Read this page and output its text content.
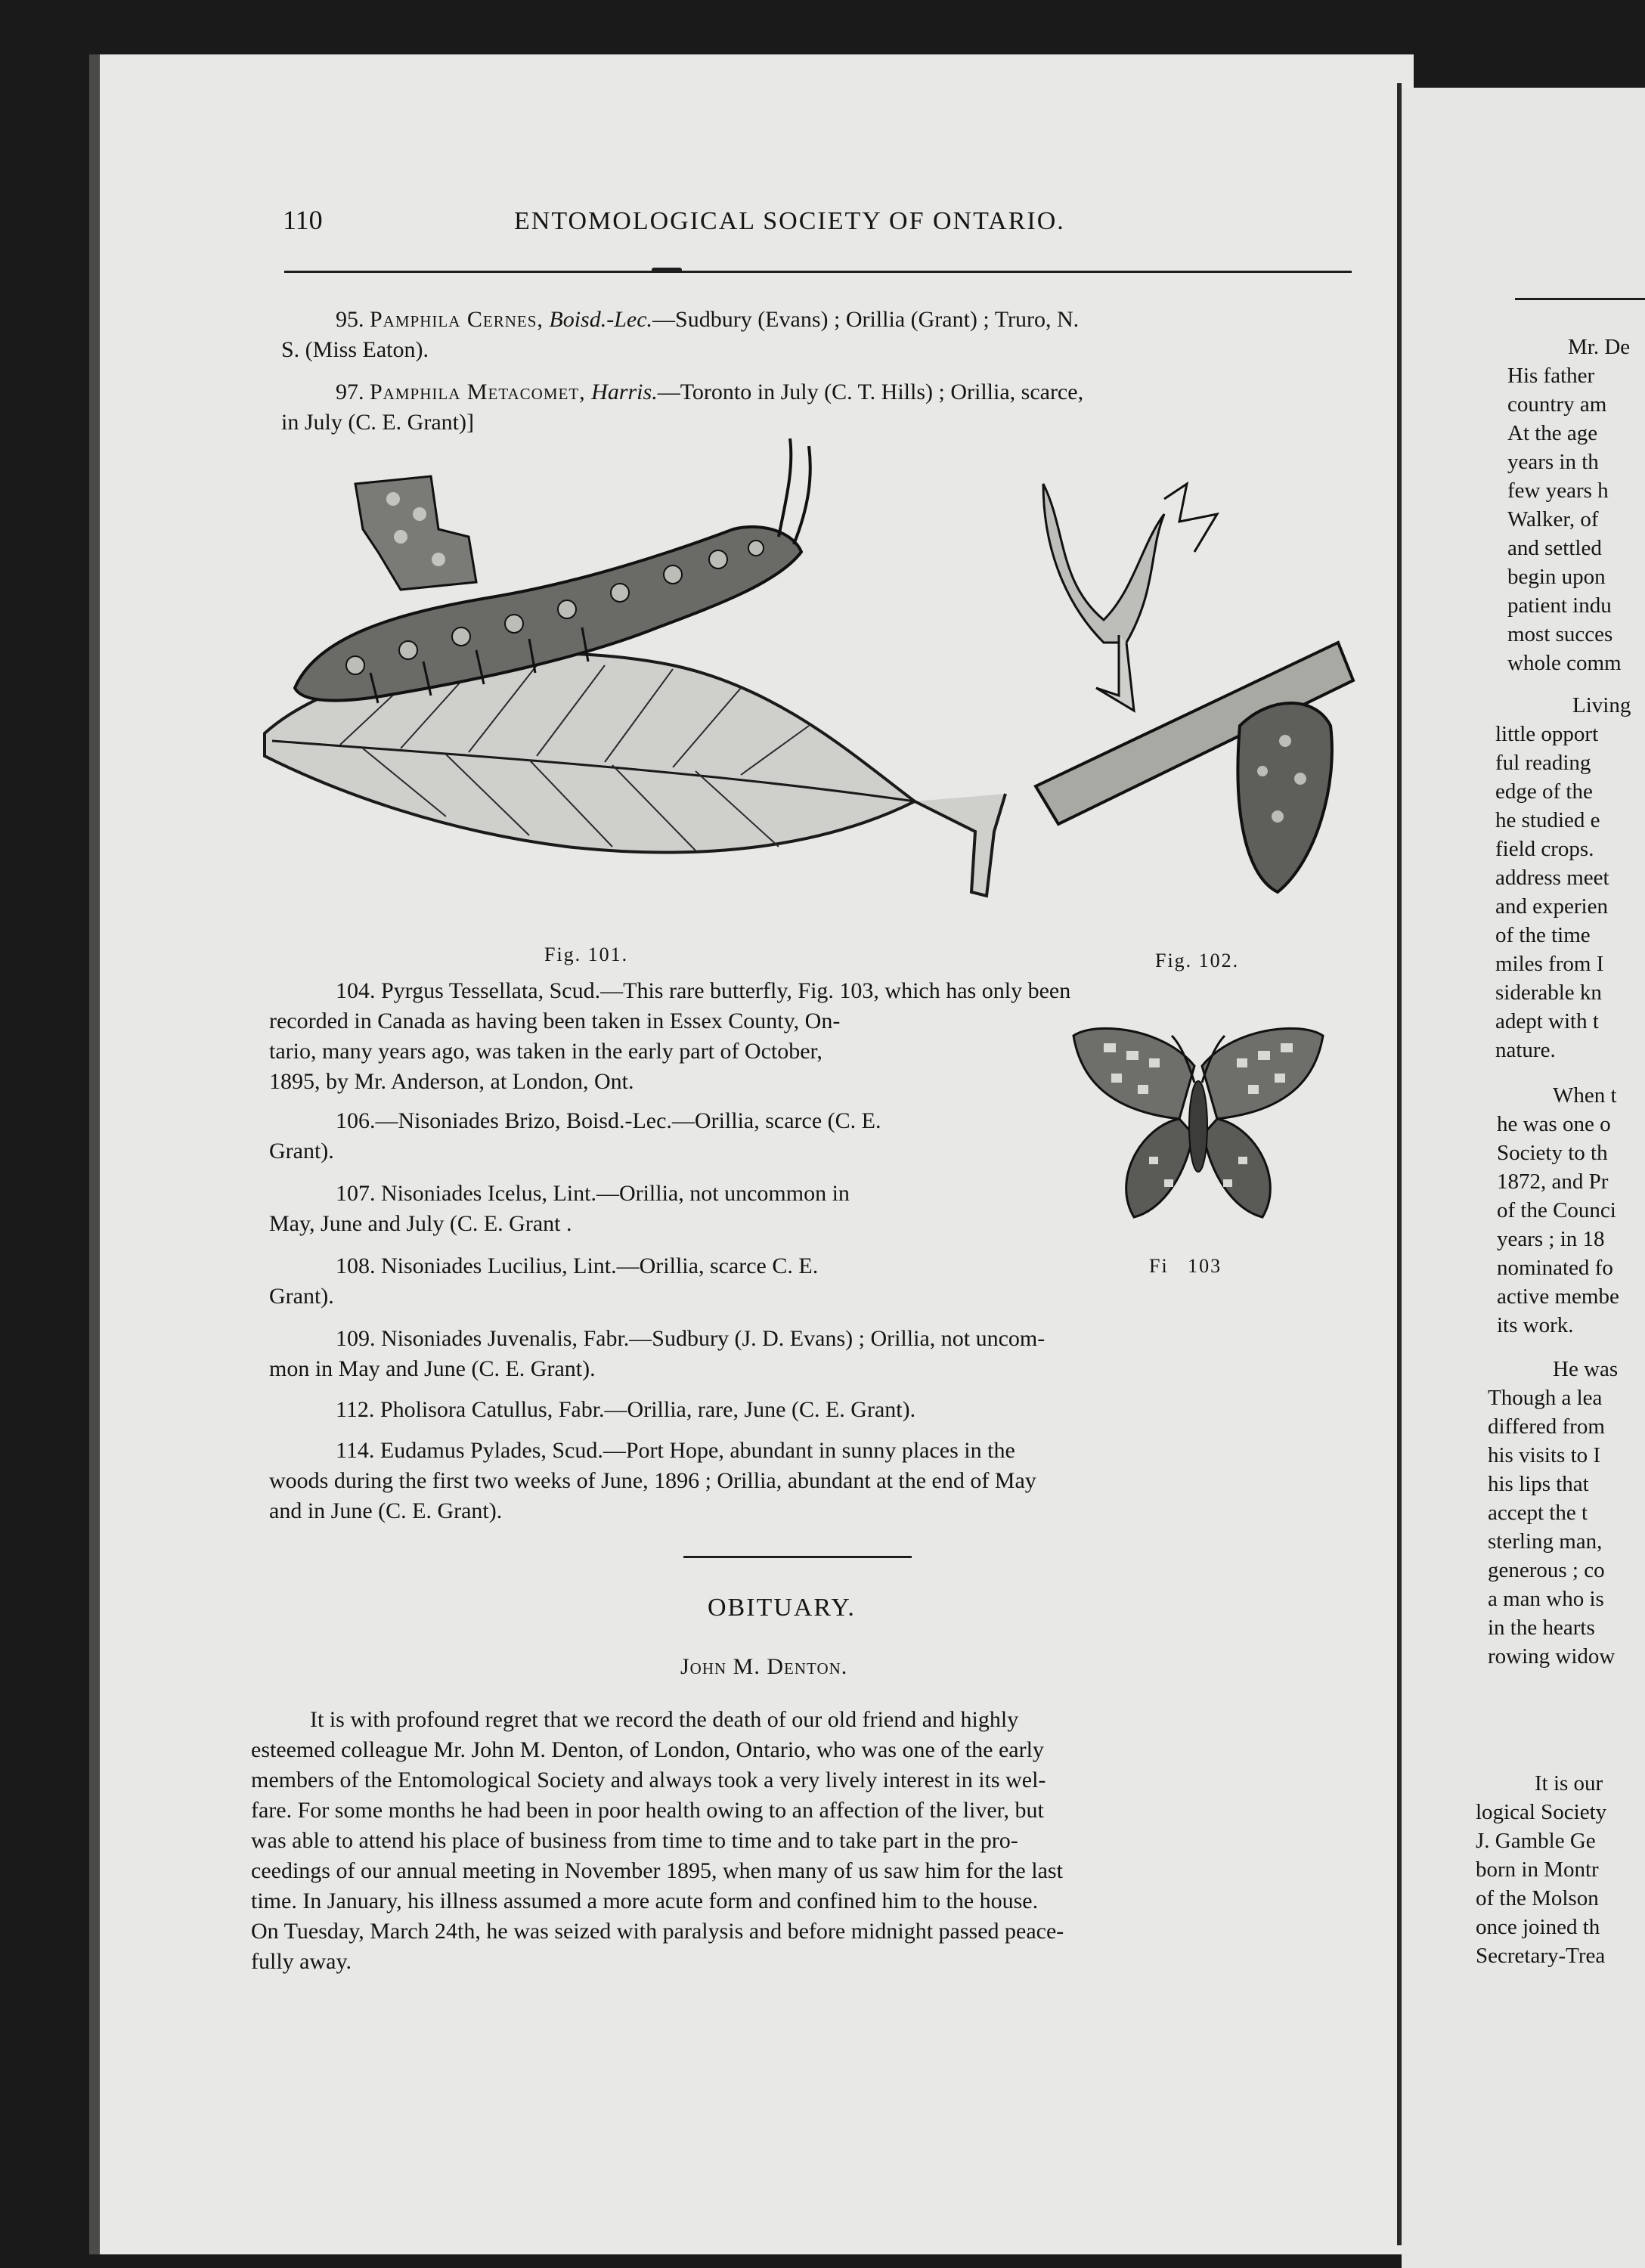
110	ENTOMOLOGICAL SOCIETY OF ONTARIO.
95. Pamphila Cernes, Boisd.-Lec.—Sudbury (Evans) ; Orillia (Grant) ; Truro, N.
S. (Miss Eaton).
97. Pamphila Metacomet, Harris.—Toronto in July (C. T. Hills) ; Orillia, scarce,
in July (C. E. Grant)]
Fig. 101.	Fig. 102.
104. Pyrgus Tessellata, Scud.—This rare butterfly, Fig. 103, which has only been
recorded in Canada as having been taken in Essex County, On-
tario, many years ago, was taken in the early part of October,
1895, by Mr. Anderson, at London, Ont.
Fi   103
106.—Nisoniades Brizo, Boisd.-Lec.—Orillia, scarce (C. E.
Grant).
107. Nisoniades Icelus, Lint.—Orillia, not uncommon in
May, June and July (C. E. Grant .
108. Nisoniades Lucilius, Lint.—Orillia, scarce C. E.
Grant).
109. Nisoniades Juvenalis, Fabr.—Sudbury (J. D. Evans) ; Orillia, not uncom-
mon in May and June (C. E. Grant).
112. Pholisora Catullus, Fabr.—Orillia, rare, June (C. E. Grant).
114. Eudamus Pylades, Scud.—Port Hope, abundant in sunny places in the
woods during the first two weeks of June, 1896 ; Orillia, abundant at the end of May
and in June (C. E. Grant).
OBITUARY.
John M. Denton.
It is with profound regret that we record the death of our old friend and highly
esteemed colleague Mr. John M. Denton, of London, Ontario, who was one of the early
members of the Entomological Society and always took a very lively interest in its wel-
fare. For some months he had been in poor health owing to an affection of the liver, but
was able to attend his place of business from time to time and to take part in the pro-
ceedings of our annual meeting in November 1895, when many of us saw him for the last
time. In January, his illness assumed a more acute form and confined him to the house.
On Tuesday, March 24th, he was seized with paralysis and before midnight passed peace-
fully away.
Mr. De
His father
country am
At the age
years in th
few years h
Walker, of
and settled
begin upon
patient indu
most succes
whole comm
Living
little opport
ful reading
edge of the
he studied e
field crops.
address meet
and experien
of the time
miles from I
siderable kn
adept with t
nature.
When t
he was one o
Society to th
1872, and Pr
of the Counci
years ; in 18
nominated fo
active membe
its work.
He was
Though a lea
differed from
his visits to I
his lips that
accept the t
sterling man,
generous ; co
a man who is
in the hearts
rowing widow
It is our
logical Society
J. Gamble Ge
born in Montr
of the Molson
once joined th
Secretary-Trea
